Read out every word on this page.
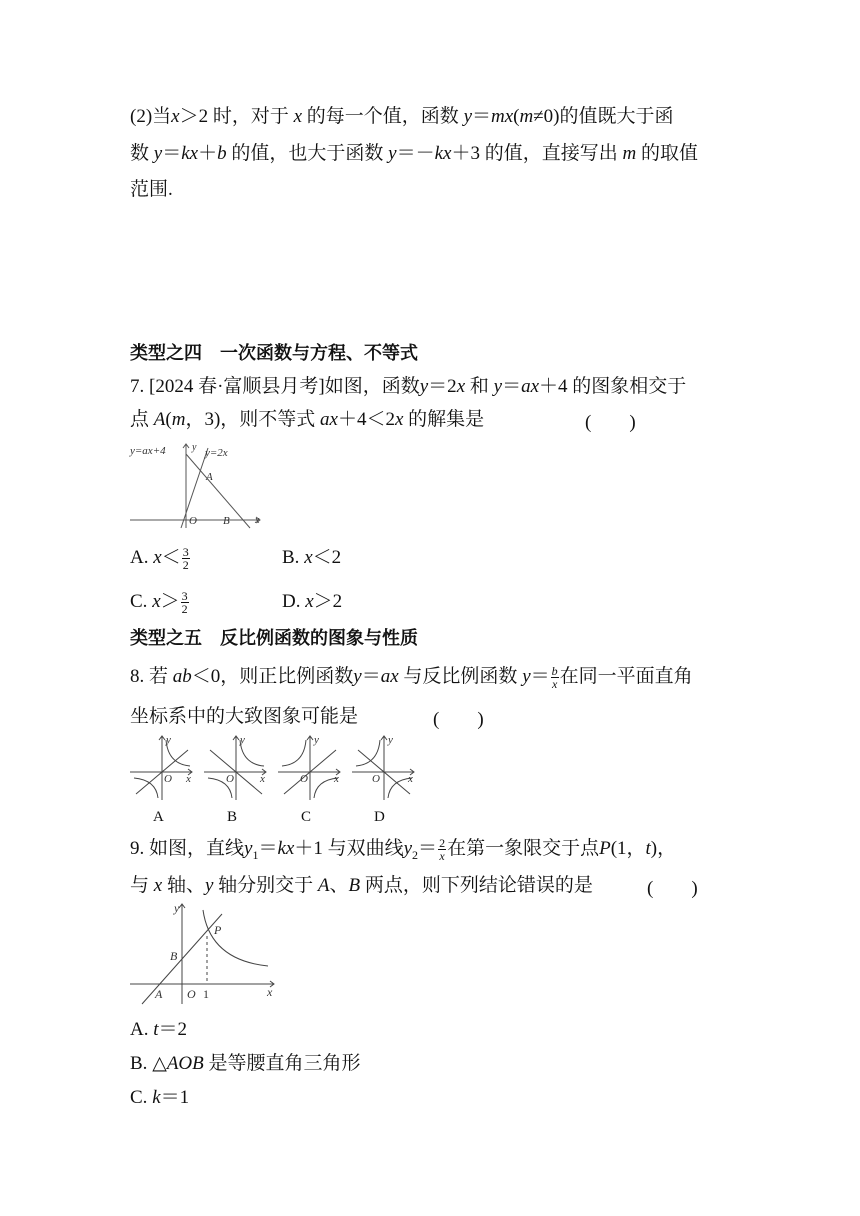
(2)当x＞2 时，对于 x 的每一个值，函数 y＝mx(m≠0)的值既大于函
数 y＝kx＋b 的值，也大于函数 y＝－kx＋3 的值，直接写出 m 的取值
范围.
类型之四　一次函数与方程、不等式
7. [2024 春·富顺县月考]如图，函数y＝2x 和 y＝ax＋4 的图象相交于
点 A(m，3)，则不等式 ax＋4＜2x 的解集是	(　　)
y=ax+4	y y=2x
A
O B	x
A. $x< \frac{3}{2}$	B. x＜2
C. $x> \frac{3}{2}$	D. x＞2
类型之五　反比例函数的图象与性质
8. 若 ab＜0，则正比例函数y＝ax 与反比例函数 $y= \frac{b}{x}$ 在同一平面直角
坐标系中的大致图象可能是	(　　)
y
x
O
y
x
O
y
x
O
y
x
O
A	B	C	D
9. 如图，直线$y_1=kx+1$ 与双曲线$y_2= \frac{2}{x}$ 在第一象限交于点P(1，t)，
与 x 轴、y 轴分别交于 A、B 两点，则下列结论错误的是	(　　)
y
P
B
A O 1	x
A. t＝2
B. △AOB 是等腰直角三角形
C. k＝1
